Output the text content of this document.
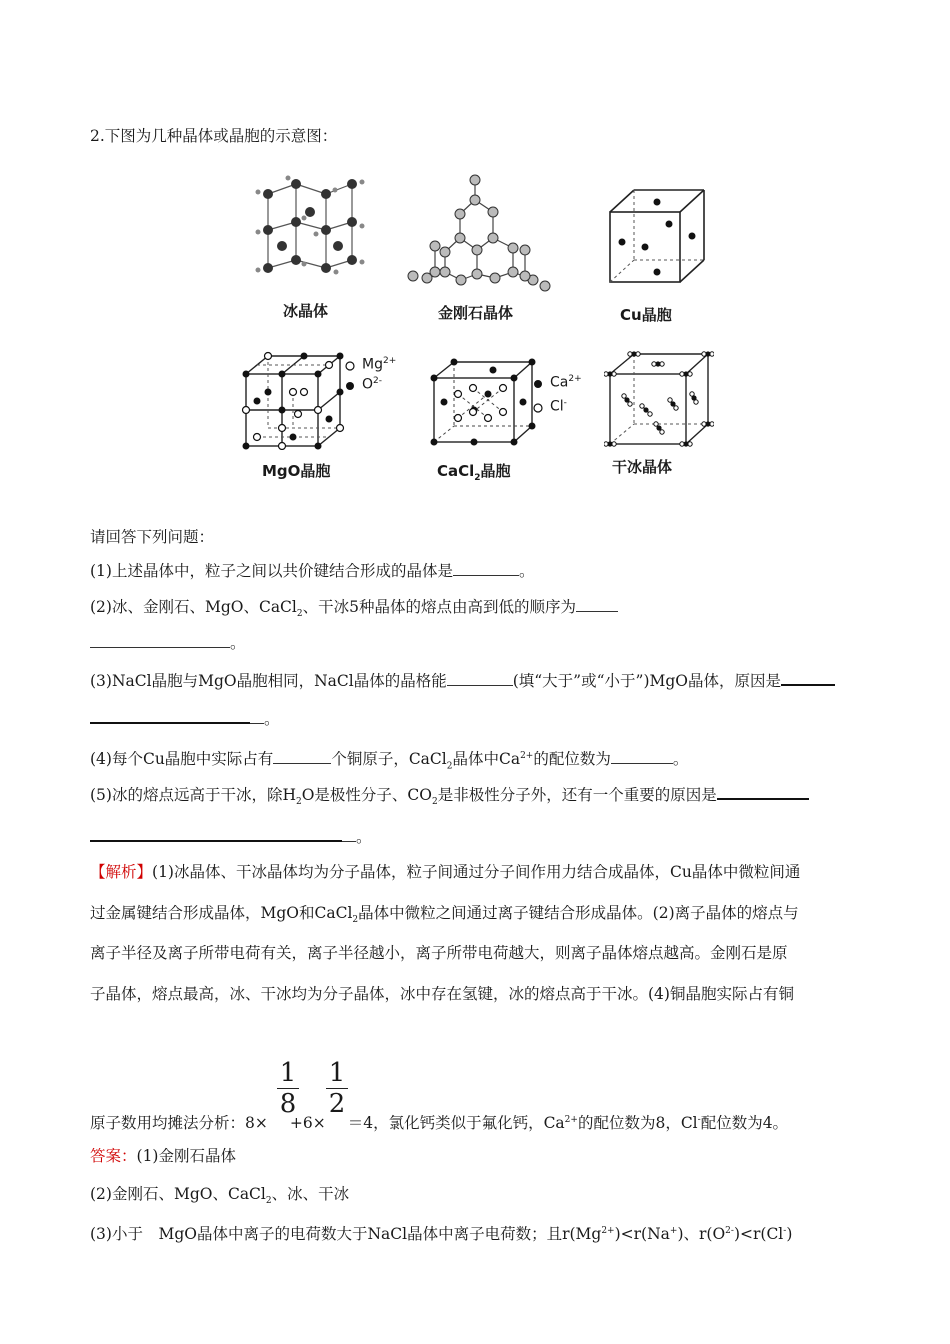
2.下图为几种晶体或晶胞的示意图：
冰晶体	金刚石晶体	Cu晶胞
$Mg^{2+}$
$O^{2-}$
MgO晶胞
$Ca^{2+}$
Cl-
CaCl$_2$晶胞	干冰晶体
请回答下列问题：
(1)上述晶体中，粒子之间以共价键结合形成的晶体是	。
(2)冰、金刚石、MgO、CaCl$_2$、干冰5种晶体的熔点由高到低的顺序为
。
(3)NaCl晶胞与MgO晶胞相同，NaCl晶体的晶格能	(填“大于”或“小于”)MgO晶体，原因是
。
(4)每个Cu晶胞中实际占有	个铜原子，CaCl$_2$晶体中$Ca^{2+}$的配位数为	。
(5)冰的熔点远高于干冰，除$H_2O$是极性分子、$CO_2$是非极性分子外，还有一个重要的原因是
。
【解析】(1)冰晶体、干冰晶体均为分子晶体，粒子间通过分子间作用力结合成晶体，Cu晶体中微粒间通
过金属键结合形成晶体，MgO和CaCl$_2$晶体中微粒之间通过离子键结合形成晶体。(2)离子晶体的熔点与
离子半径及离子所带电荷有关，离子半径越小，离子所带电荷越大，则离子晶体熔点越高。金刚石是原
子晶体，熔点最高，冰、干冰均为分子晶体，冰中存在氢键，冰的熔点高于干冰。(4)铜晶胞实际占有铜
1
8
1
2
原子数用均摊法分析：8× +6× ＝4，氯化钙类似于氟化钙，$Ca^{2+}$的配位数为8，Cl-配位数为4。
答案：(1)金刚石晶体
(2)金刚石、MgO、CaCl$_2$、冰、干冰
(3)小于　MgO晶体中离子的电荷数大于NaCl晶体中离子电荷数；且$r(Mg^{2+})<r(Na^+)$、$r(O^{2-})<r(Cl^-)$
